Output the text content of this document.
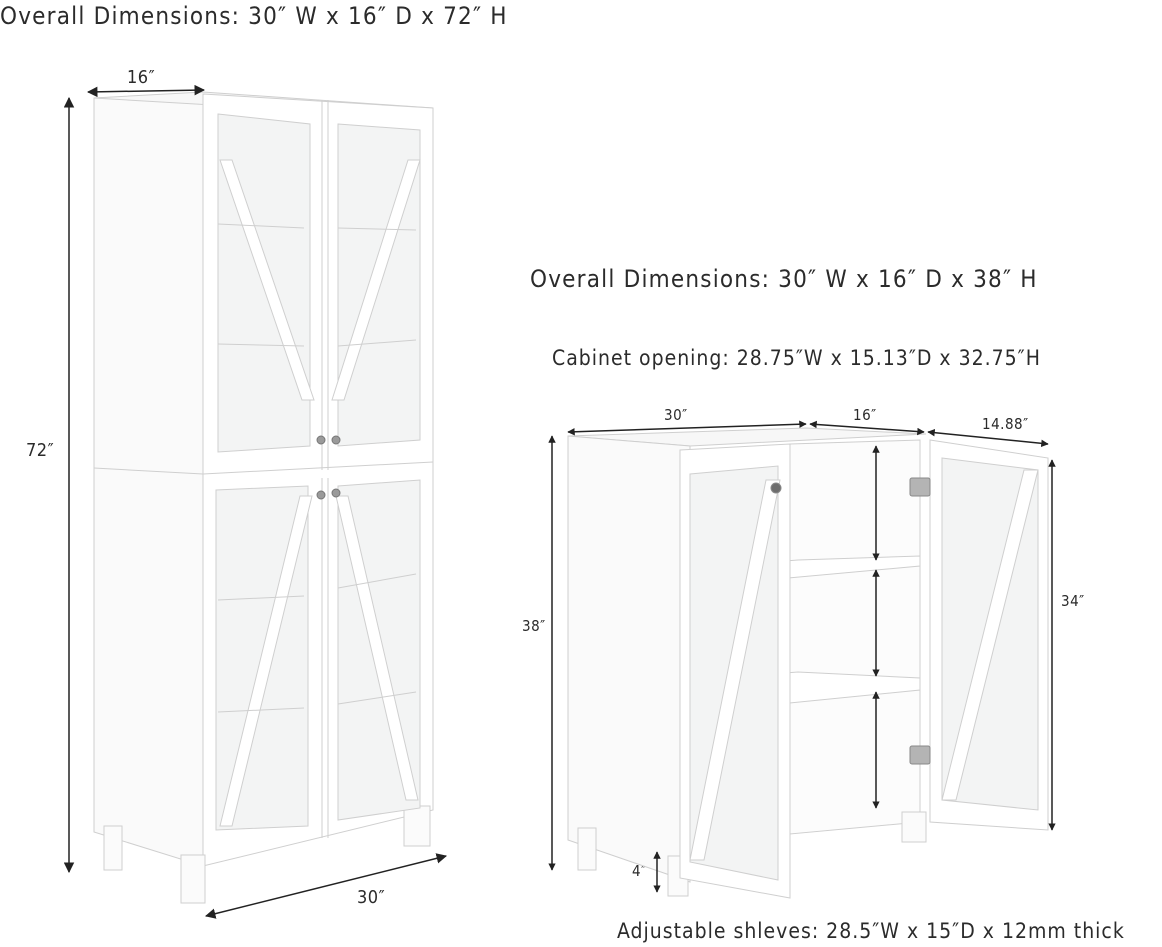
Overall Dimensions: 30″ W x 16″ D x 72″ H
16″
72″
30″
Overall Dimensions: 30″ W x 16″ D x 38″ H
Cabinet opening: 28.75″W x 15.13″D x 32.75″H
30″	16″	14.88″
38″
34″
4″
Adjustable shleves: 28.5″W x 15″D x 12mm thick
